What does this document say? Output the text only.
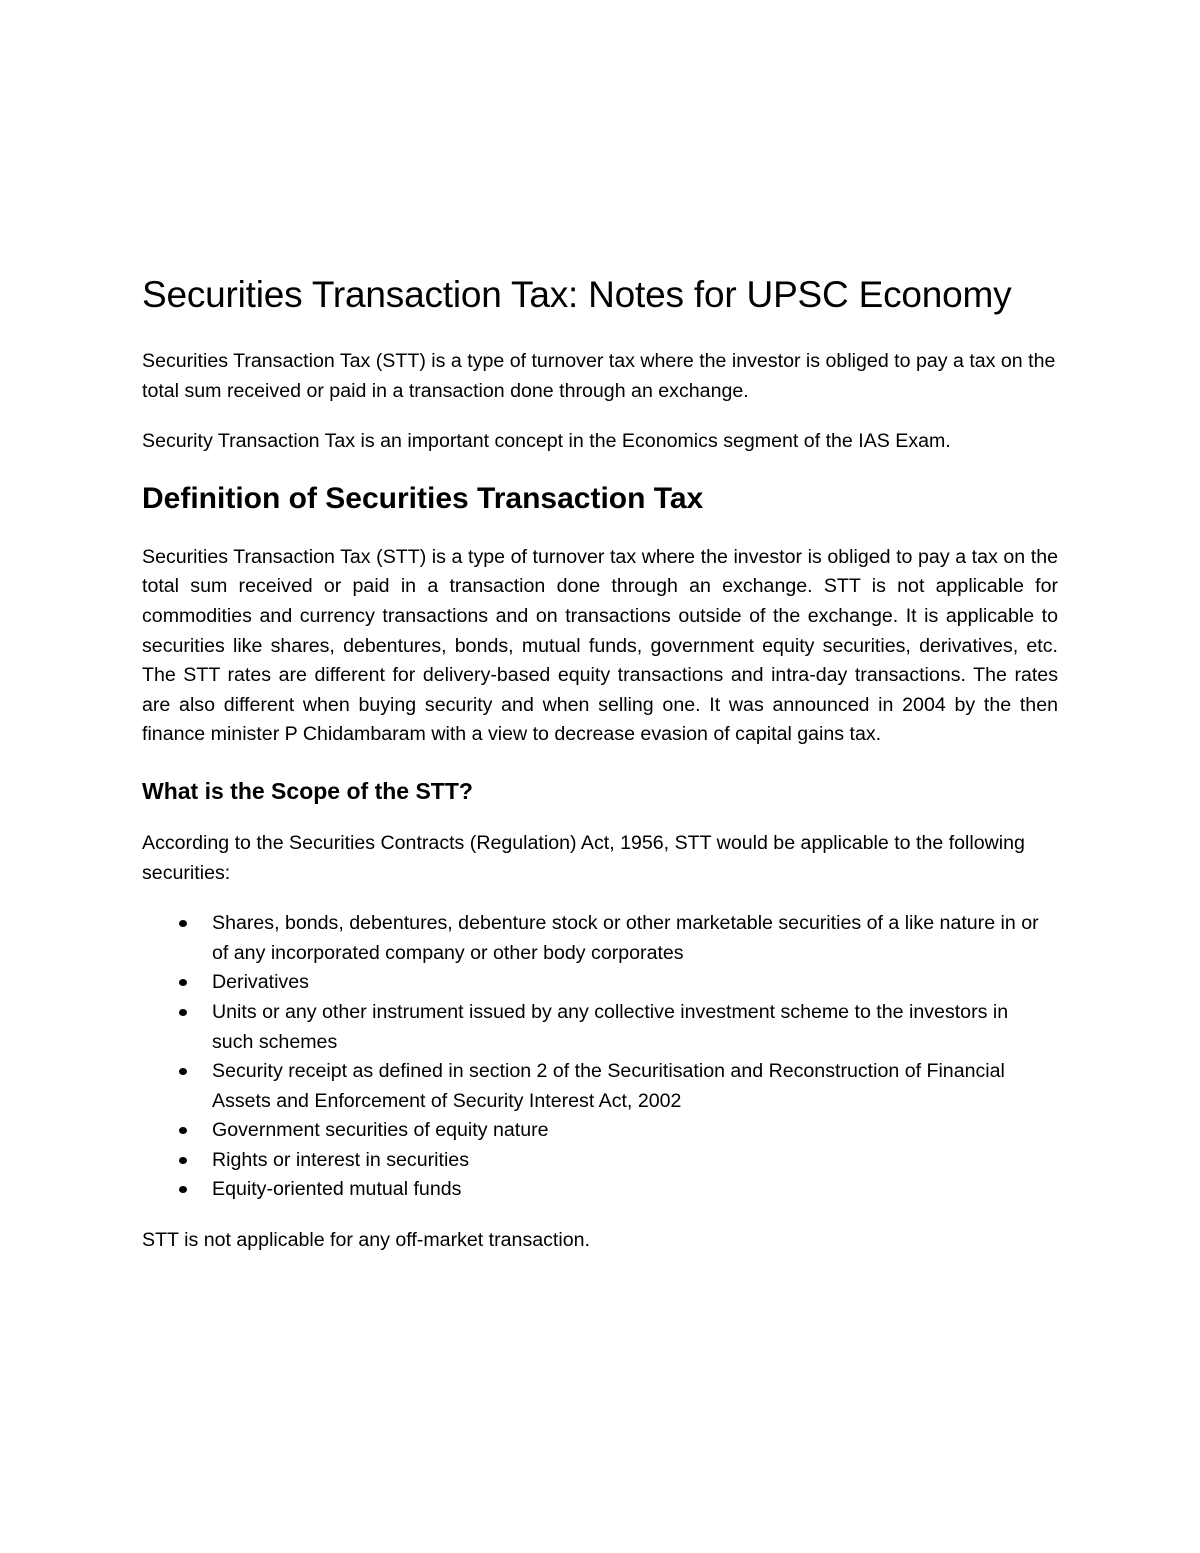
Securities Transaction Tax: Notes for UPSC Economy

Securities Transaction Tax (STT) is a type of turnover tax where the investor is obliged to pay a tax on the total sum received or paid in a transaction done through an exchange.

Security Transaction Tax is an important concept in the Economics segment of the IAS Exam.

Definition of Securities Transaction Tax

Securities Transaction Tax (STT) is a type of turnover tax where the investor is obliged to pay a tax on the total sum received or paid in a transaction done through an exchange. STT is not applicable for commodities and currency transactions and on transactions outside of the exchange. It is applicable to securities like shares, debentures, bonds, mutual funds, government equity securities, derivatives, etc. The STT rates are different for delivery-based equity transactions and intra-day transactions. The rates are also different when buying security and when selling one. It was announced in 2004 by the then finance minister P Chidambaram with a view to decrease evasion of capital gains tax.

What is the Scope of the STT?

According to the Securities Contracts (Regulation) Act, 1956, STT would be applicable to the following securities:

Shares, bonds, debentures, debenture stock or other marketable securities of a like nature in or of any incorporated company or other body corporates
Derivatives
Units or any other instrument issued by any collective investment scheme to the investors in such schemes
Security receipt as defined in section 2 of the Securitisation and Reconstruction of Financial Assets and Enforcement of Security Interest Act, 2002
Government securities of equity nature
Rights or interest in securities
Equity-oriented mutual funds

STT is not applicable for any off-market transaction.
